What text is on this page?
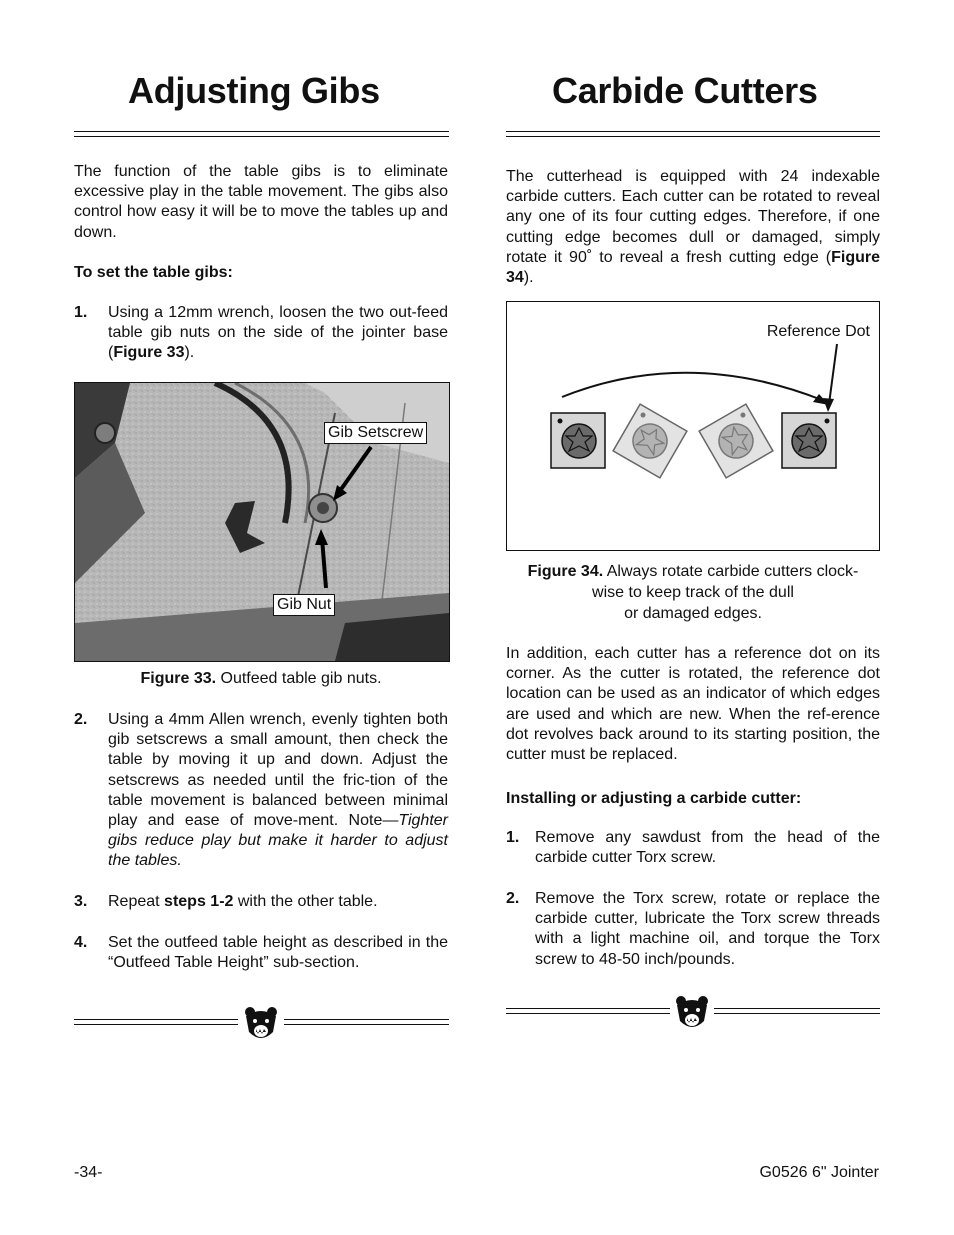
Adjusting Gibs

The function of the table gibs is to eliminate excessive play in the table movement. The gibs also control how easy it will be to move the tables up and down.

To set the table gibs:
1. Using a 12mm wrench, loosen the two out-feed table gib nuts on the side of the jointer base (Figure 33).
Gib Setscrew
Gib Nut
Figure 33. Outfeed table gib nuts.
2. Using a 4mm Allen wrench, evenly tighten both gib setscrews a small amount, then check the table by moving it up and down. Adjust the setscrews as needed until the fric-tion of the table movement is balanced between minimal play and ease of move-ment. Note—Tighter gibs reduce play but make it harder to adjust the tables.
3. Repeat steps 1-2 with the other table.
4. Set the outfeed table height as described in the “Outfeed Table Height” sub-section.
Carbide Cutters

The cutterhead is equipped with 24 indexable carbide cutters. Each cutter can be rotated to reveal any one of its four cutting edges. Therefore, if one cutting edge becomes dull or damaged, simply rotate it 90˚ to reveal a fresh cutting edge (Figure 34).

Reference Dot
Figure 34. Always rotate carbide cutters clock-
wise to keep track of the dull
or damaged edges.

In addition, each cutter has a reference dot on its corner. As the cutter is rotated, the reference dot location can be used as an indicator of which edges are used and which are new. When the ref-erence dot revolves back around to its starting position, the cutter must be replaced.

Installing or adjusting a carbide cutter:
1. Remove any sawdust from the head of the carbide cutter Torx screw.
2. Remove the Torx screw, rotate or replace the carbide cutter, lubricate the Torx screw threads with a light machine oil, and torque the Torx screw to 48-50 inch/pounds.
-34-	G0526 6" Jointer
